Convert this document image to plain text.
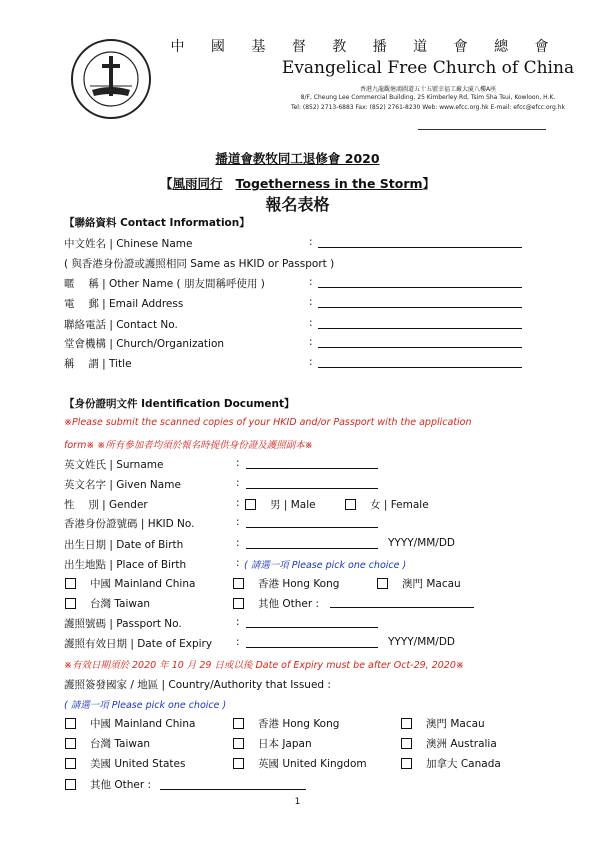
中 國 基 督 教 播 道 會 總 會
Evangelical Free Church of China
香港九龍觀塘鴻圖道五十五號幸福工廠大廈八樓A座
8/F, Cheung Lee Commercial Building, 25 Kimberley Rd, Tsim Sha Tsui, Kowloon, H.K.
Tel: (852) 2713-6883 Fax: (852) 2761-8230 Web: www.efcc.org.hk E-mail: efcc@efcc.org.hk
播道會教牧同工退修會 2020
【風雨同行 Togetherness in the Storm】
報名表格
【聯絡資料 Contact Information】
中文姓名 | Chinese Name	:
( 與香港身份證或護照相同 Same as HKID or Passport )
暱　 稱 | Other Name ( 朋友間稱呼使用 )	:
電　 郵 | Email Address	:
聯絡電話 | Contact No.	:
堂會機構 | Church/Organization	:
稱　 謂 | Title	:
【身份證明文件 Identification Document】
※Please submit the scanned copies of your HKID and/or Passport with the application
form※ ※所有參加者均須於報名時提供身份證及護照副本※
英文姓氏 | Surname	:
英文名字 | Given Name	:
性　 別 | Gender	:	男 | Male	女 | Female
香港身份證號碼 | HKID No.	:
出生日期 | Date of Birth	:	YYYY/MM/DD
出生地點 | Place of Birth	: ( 請選一項 Please pick one choice )
中國 Mainland China	香港 Hong Kong	澳門 Macau
台灣 Taiwan	其他 Other :
護照號碼 | Passport No.	:
護照有效日期 | Date of Expiry :	YYYY/MM/DD
※有效日期須於 2020 年 10 月 29 日或以後 Date of Expiry must be after Oct-29, 2020※
護照簽發國家 / 地區 | Country/Authority that Issued :
( 請選一項 Please pick one choice )
中國 Mainland China	香港 Hong Kong	澳門 Macau
台灣 Taiwan	日本 Japan	澳洲 Australia
美國 United States	英國 United Kingdom	加拿大 Canada
其他 Other :
1
